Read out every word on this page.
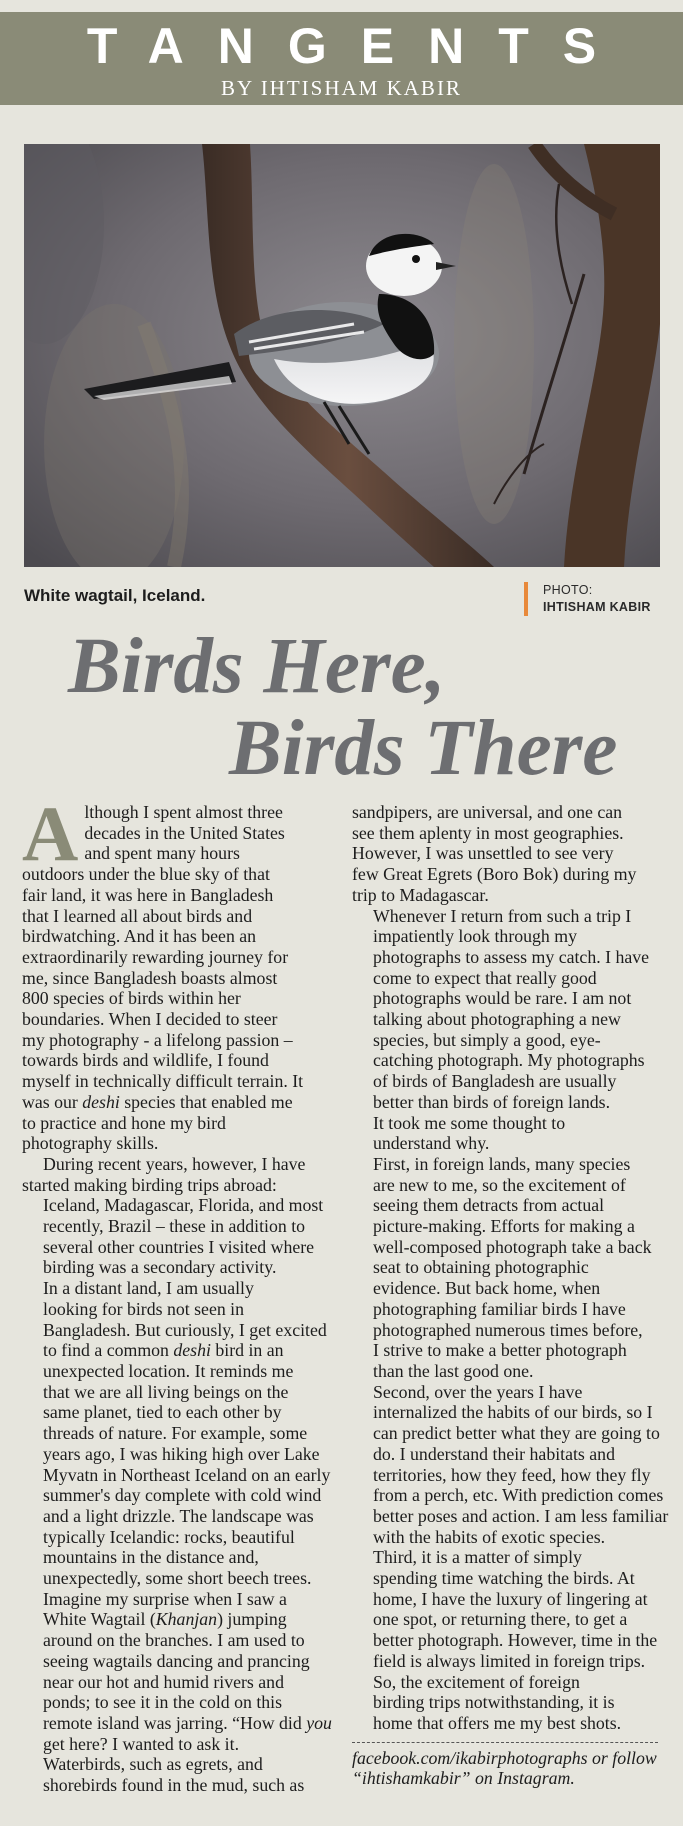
TANGENTS
BY IHTISHAM KABIR
White wagtail, Iceland.	PHOTO:
IHTISHAM KABIR
Birds Here,
Birds There

A lthough I spent almost three
decades in the United States
and spent many hours
outdoors under the blue sky of that
fair land, it was here in Bangladesh
that I learned all about birds and
birdwatching. And it has been an
extraordinarily rewarding journey for
me, since Bangladesh boasts almost
800 species of birds within her
boundaries. When I decided to steer
my photography - a lifelong passion –
towards birds and wildlife, I found
myself in technically difficult terrain. It
was our deshi species that enabled me
to practice and hone my bird
photography skills.

During recent years, however, I have
started making birding trips abroad:
Iceland, Madagascar, Florida, and most
recently, Brazil – these in addition to
several other countries I visited where
birding was a secondary activity.

In a distant land, I am usually
looking for birds not seen in
Bangladesh. But curiously, I get excited
to find a common deshi bird in an
unexpected location. It reminds me
that we are all living beings on the
same planet, tied to each other by
threads of nature. For example, some
years ago, I was hiking high over Lake
Myvatn in Northeast Iceland on an early
summer's day complete with cold wind
and a light drizzle. The landscape was
typically Icelandic: rocks, beautiful
mountains in the distance and,
unexpectedly, some short beech trees.
Imagine my surprise when I saw a
White Wagtail (Khanjan) jumping
around on the branches. I am used to
seeing wagtails dancing and prancing
near our hot and humid rivers and
ponds; to see it in the cold on this
remote island was jarring. “How did you
get here? I wanted to ask it.

Waterbirds, such as egrets, and
shorebirds found in the mud, such as

sandpipers, are universal, and one can
see them aplenty in most geographies.
However, I was unsettled to see very
few Great Egrets (Boro Bok) during my
trip to Madagascar.

Whenever I return from such a trip I
impatiently look through my
photographs to assess my catch. I have
come to expect that really good
photographs would be rare. I am not
talking about photographing a new
species, but simply a good, eye-
catching photograph. My photographs
of birds of Bangladesh are usually
better than birds of foreign lands.

It took me some thought to
understand why.

First, in foreign lands, many species
are new to me, so the excitement of
seeing them detracts from actual
picture-making. Efforts for making a
well-composed photograph take a back
seat to obtaining photographic
evidence. But back home, when
photographing familiar birds I have
photographed numerous times before,
I strive to make a better photograph
than the last good one.

Second, over the years I have
internalized the habits of our birds, so I
can predict better what they are going to
do. I understand their habitats and
territories, how they feed, how they fly
from a perch, etc. With prediction comes
better poses and action. I am less familiar
with the habits of exotic species.

Third, it is a matter of simply
spending time watching the birds. At
home, I have the luxury of lingering at
one spot, or returning there, to get a
better photograph. However, time in the
field is always limited in foreign trips.

So, the excitement of foreign
birding trips notwithstanding, it is
home that offers me my best shots.

facebook.com/ikabirphotographs or follow
“ihtishamkabir” on Instagram.
